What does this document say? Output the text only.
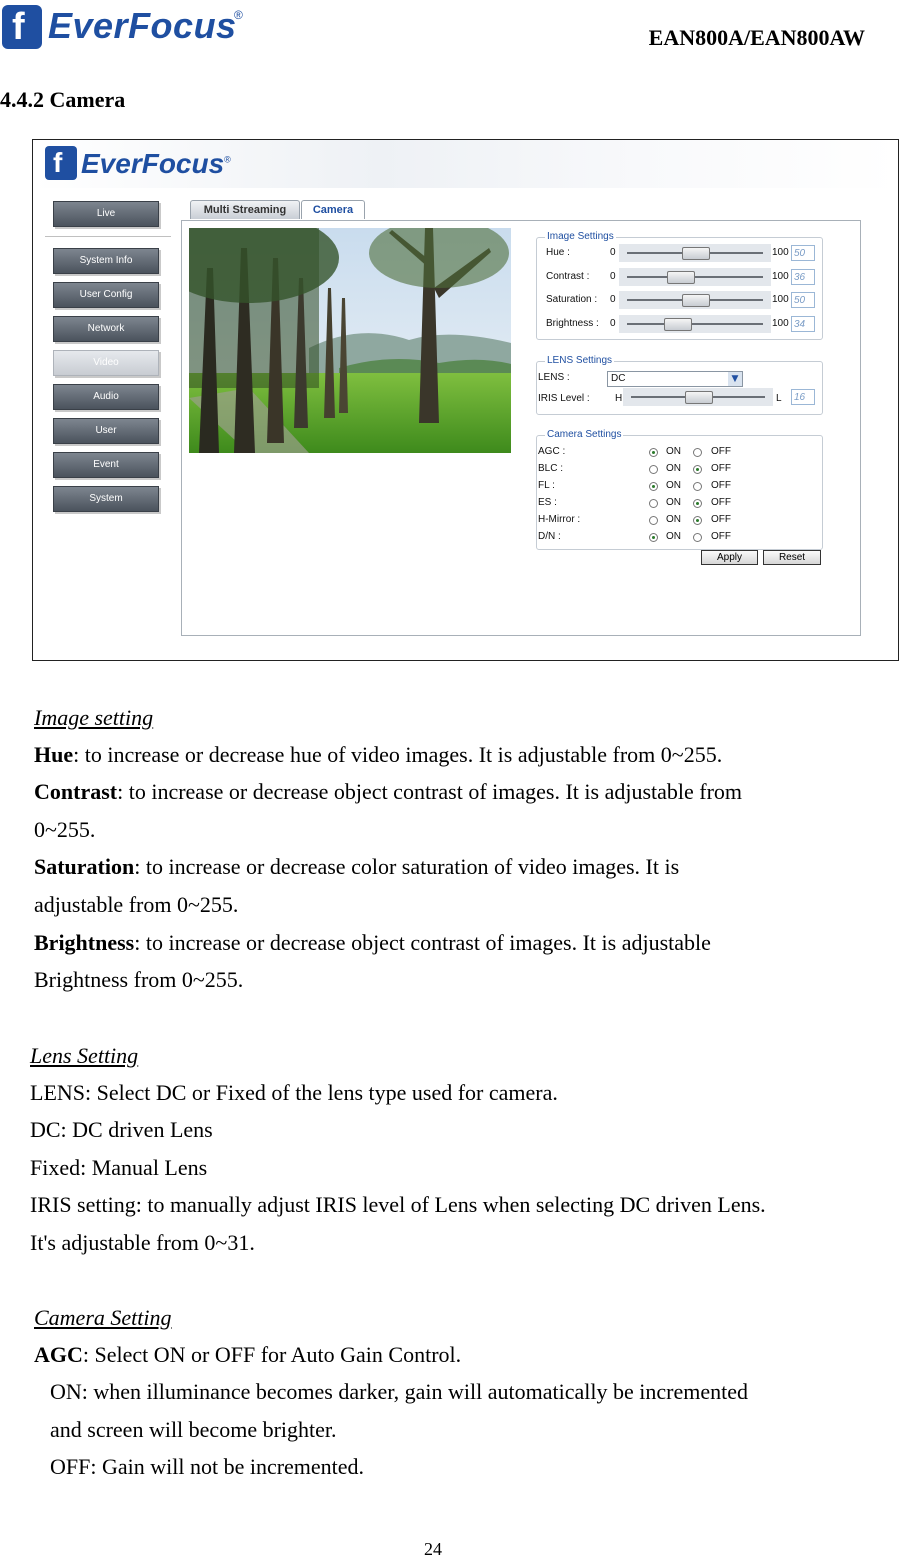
f EverFocus
®
EAN800A/EAN800AW
4.4.2 Camera
f EverFocus®
Live
System Info
User Config
Network
Video
Audio
User
Event
System
Multi Streaming	Camera
Image Settings
LENS Settings
LENS :	DC	▼
IRIS Level :	H	L	16
Camera Settings
Apply	Reset
Hue :	0	100 50
Contrast : 0	100 36
Saturation : 0	100 50
Brightness : 0	100 34
AGC :	ON	OFF
BLC :	ON	OFF
FL :	ON	OFF
ES :	ON	OFF
H-Mirror :	ON	OFF
D/N :	ON	OFF
Image setting
Hue: to increase or decrease hue of video images. It is adjustable from 0~255.
Contrast: to increase or decrease object contrast of images. It is adjustable from
0~255.
Saturation: to increase or decrease color saturation of video images. It is
adjustable from 0~255.
Brightness: to increase or decrease object contrast of images. It is adjustable
Brightness from 0~255.
Lens Setting
LENS: Select DC or Fixed of the lens type used for camera.
DC: DC driven Lens
Fixed: Manual Lens
IRIS setting: to manually adjust IRIS level of Lens when selecting DC driven Lens.
It's adjustable from 0~31.
Camera Setting
AGC: Select ON or OFF for Auto Gain Control.
ON: when illuminance becomes darker, gain will automatically be incremented
and screen will become brighter.
OFF: Gain will not be incremented.
24
